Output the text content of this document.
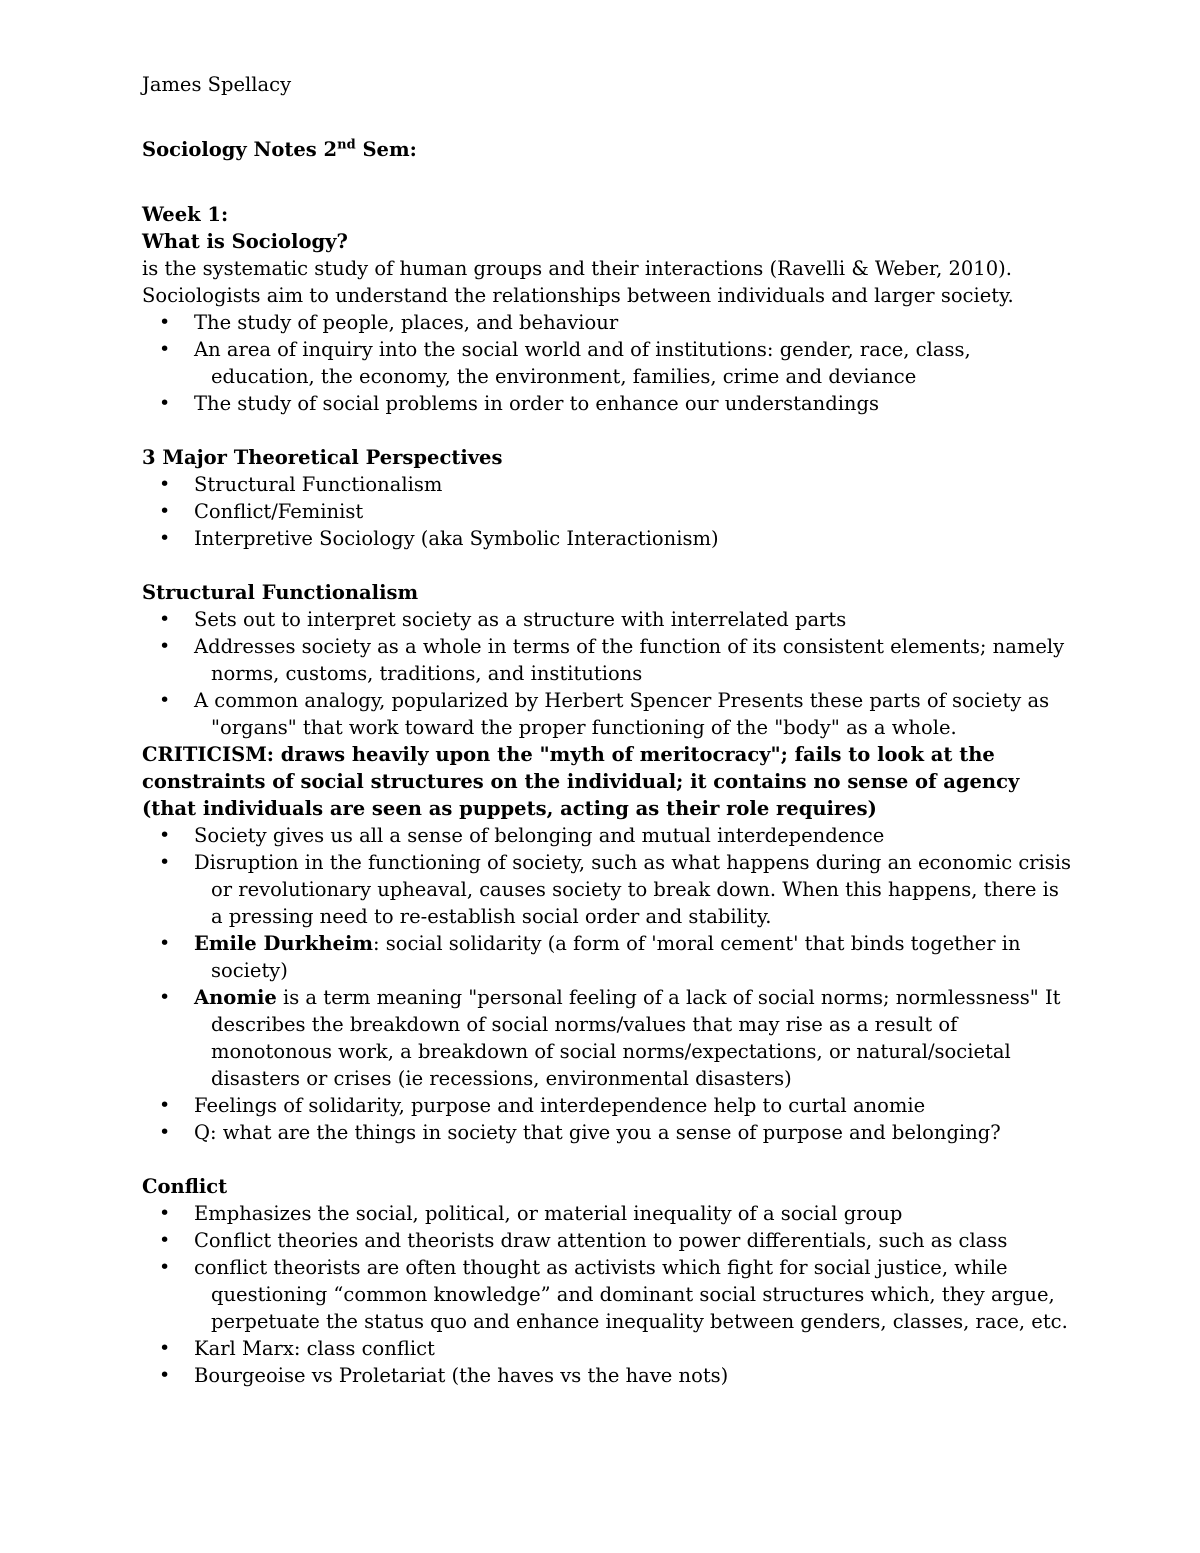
James Spellacy

Sociology Notes 2nd Sem:

Week 1:

What is Sociology?

is the systematic study of human groups and their interactions (Ravelli & Weber, 2010).

Sociologists aim to understand the relationships between individuals and larger society.

• The study of people, places, and behaviour
• An area of inquiry into the social world and of institutions: gender, race, class, education, the economy, the environment, families, crime and deviance
• The study of social problems in order to enhance our understandings

3 Major Theoretical Perspectives

• Structural Functionalism
• Conflict/Feminist
• Interpretive Sociology (aka Symbolic Interactionism)

Structural Functionalism

• Sets out to interpret society as a structure with interrelated parts
• Addresses society as a whole in terms of the function of its consistent elements; namely norms, customs, traditions, and institutions
• A common analogy, popularized by Herbert Spencer Presents these parts of society as "organs" that work toward the proper functioning of the "body" as a whole.

CRITICISM: draws heavily upon the "myth of meritocracy"; fails to look at the constraints of social structures on the individual; it contains no sense of agency (that individuals are seen as puppets, acting as their role requires)

• Society gives us all a sense of belonging and mutual interdependence
• Disruption in the functioning of society, such as what happens during an economic crisis or revolutionary upheaval, causes society to break down. When this happens, there is a pressing need to re-establish social order and stability.
• Emile Durkheim: social solidarity (a form of 'moral cement' that binds together in society)
• Anomie is a term meaning "personal feeling of a lack of social norms; normlessness" It describes the breakdown of social norms/values that may rise as a result of monotonous work, a breakdown of social norms/expectations, or natural/societal disasters or crises (ie recessions, environmental disasters)
• Feelings of solidarity, purpose and interdependence help to curtal anomie
• Q: what are the things in society that give you a sense of purpose and belonging?

Conflict

• Emphasizes the social, political, or material inequality of a social group
• Conflict theories and theorists draw attention to power differentials, such as class
• conflict theorists are often thought as activists which fight for social justice, while questioning “common knowledge” and dominant social structures which, they argue, perpetuate the status quo and enhance inequality between genders, classes, race, etc.
• Karl Marx: class conflict
• Bourgeoise vs Proletariat (the haves vs the have nots)
